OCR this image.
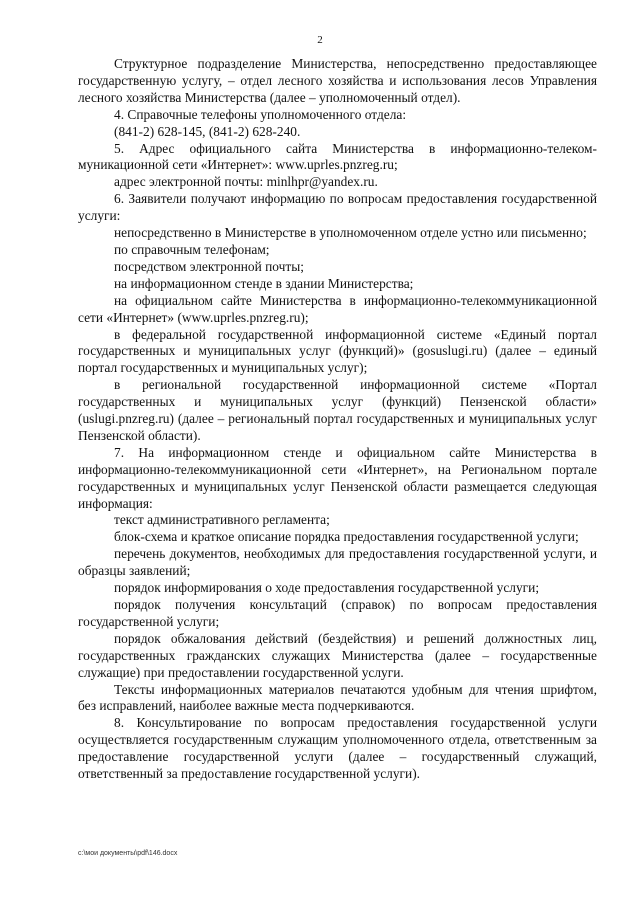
2

Структурное подразделение Министерства, непосредственно предоставляющее государственную услугу, – отдел лесного хозяйства и использования лесов Управления лесного хозяйства Министерства (далее – уполномоченный отдел).

4. Справочные телефоны уполномоченного отдела:

(841-2) 628-145, (841-2) 628-240.

5. Адрес официального сайта Министерства в информационно-телекоммуникационной сети «Интернет»: www.uprles.pnzreg.ru;

адрес электронной почты: minlhpr@yandex.ru.

6. Заявители получают информацию по вопросам предоставления государственной услуги:

непосредственно в Министерстве в уполномоченном отделе устно или письменно;

по справочным телефонам;

посредством электронной почты;

на информационном стенде в здании Министерства;

на официальном сайте Министерства в информационно-телекоммуникационной сети «Интернет» (www.uprles.pnzreg.ru);

в федеральной государственной информационной системе «Единый портал государственных и муниципальных услуг (функций)» (gosuslugi.ru) (далее – единый портал государственных и муниципальных услуг);

в региональной государственной информационной системе «Портал государственных и муниципальных услуг (функций) Пензенской области» (uslugi.pnzreg.ru) (далее – региональный портал государственных и муниципальных услуг Пензенской области).

7. На информационном стенде и официальном сайте Министерства в информационно-телекоммуникационной сети «Интернет», на Региональном портале государственных и муниципальных услуг Пензенской области размещается следующая информация:

текст административного регламента;

блок-схема и краткое описание порядка предоставления государственной услуги;

перечень документов, необходимых для предоставления государственной услуги, и образцы заявлений;

порядок информирования о ходе предоставления государственной услуги;

порядок получения консультаций (справок) по вопросам предоставления государственной услуги;

порядок обжалования действий (бездействия) и решений должностных лиц, государственных гражданских служащих Министерства (далее – государственные служащие) при предоставлении государственной услуги.

Тексты информационных материалов печатаются удобным для чтения шрифтом, без исправлений, наиболее важные места подчеркиваются.

8. Консультирование по вопросам предоставления государственной услуги осуществляется государственным служащим уполномоченного отдела, ответственным за предоставление государственной услуги (далее – государственный служащий, ответственный за предоставление государственной услуги).

c:\мои документы\pdf\146.docx
